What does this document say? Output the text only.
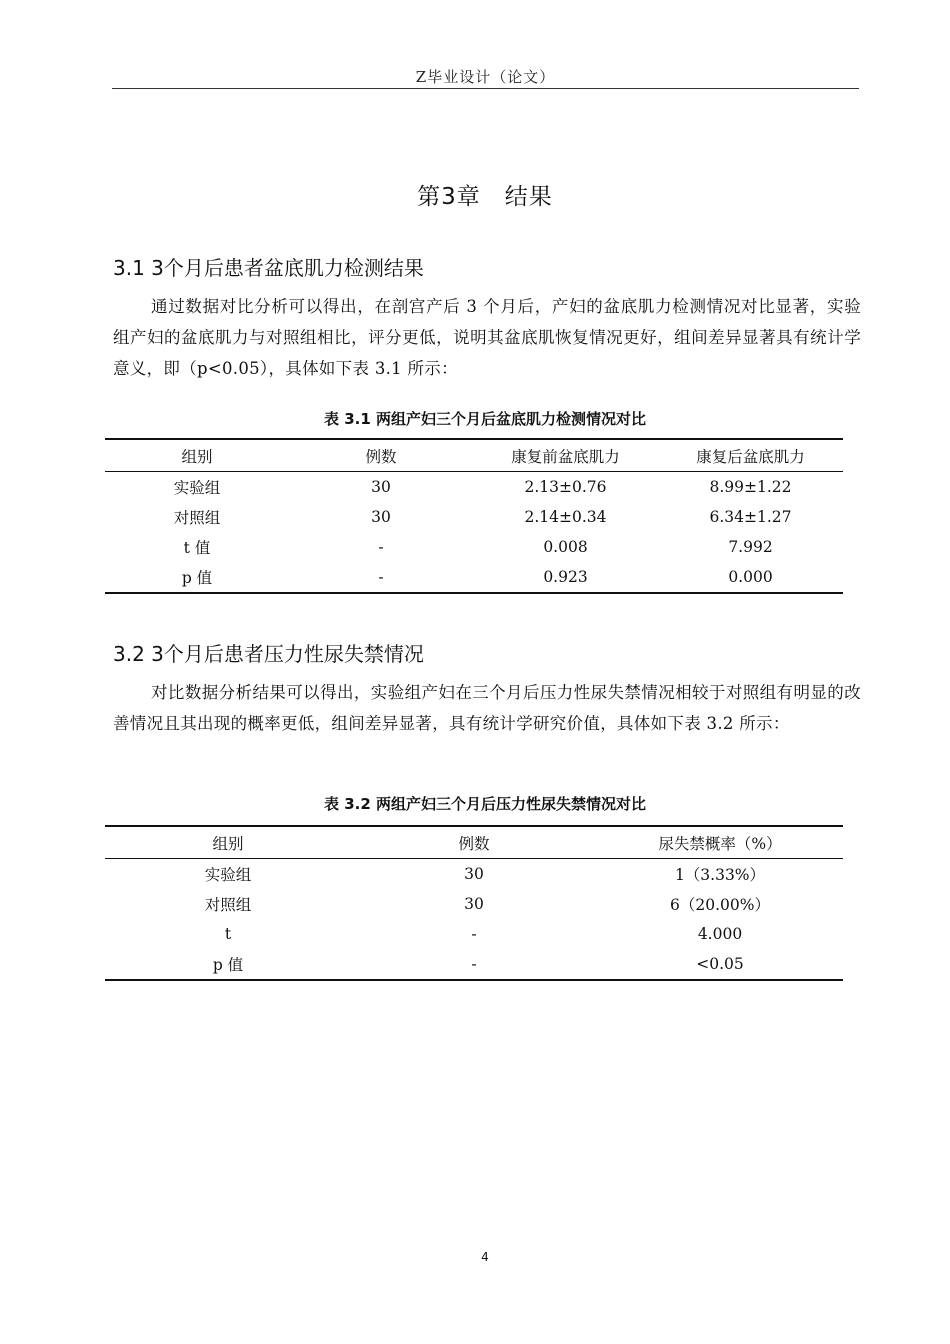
Z毕业设计（论文）
第3章　结果
3.1 3个月后患者盆底肌力检测结果
通过数据对比分析可以得出，在剖宫产后 3 个月后，产妇的盆底肌力检测情况对比显著，实验组产妇的盆底肌力与对照组相比，评分更低，说明其盆底肌恢复情况更好，组间差异显著具有统计学意义，即（p<0.05），具体如下表 3.1 所示：
表 3.1 两组产妇三个月后盆底肌力检测情况对比
组别	例数	康复前盆底肌力	康复后盆底肌力
实验组	30	2.13±0.76	8.99±1.22
对照组	30	2.14±0.34	6.34±1.27
t 值	-	0.008	7.992
p 值	-	0.923	0.000
3.2 3个月后患者压力性尿失禁情况
对比数据分析结果可以得出，实验组产妇在三个月后压力性尿失禁情况相较于对照组有明显的改善情况且其出现的概率更低，组间差异显著，具有统计学研究价值，具体如下表 3.2 所示：
表 3.2 两组产妇三个月后压力性尿失禁情况对比
组别	例数	尿失禁概率（%）
实验组	30	1（3.33%）
对照组	30	6（20.00%）
t	-	4.000
p 值	-	<0.05
4
